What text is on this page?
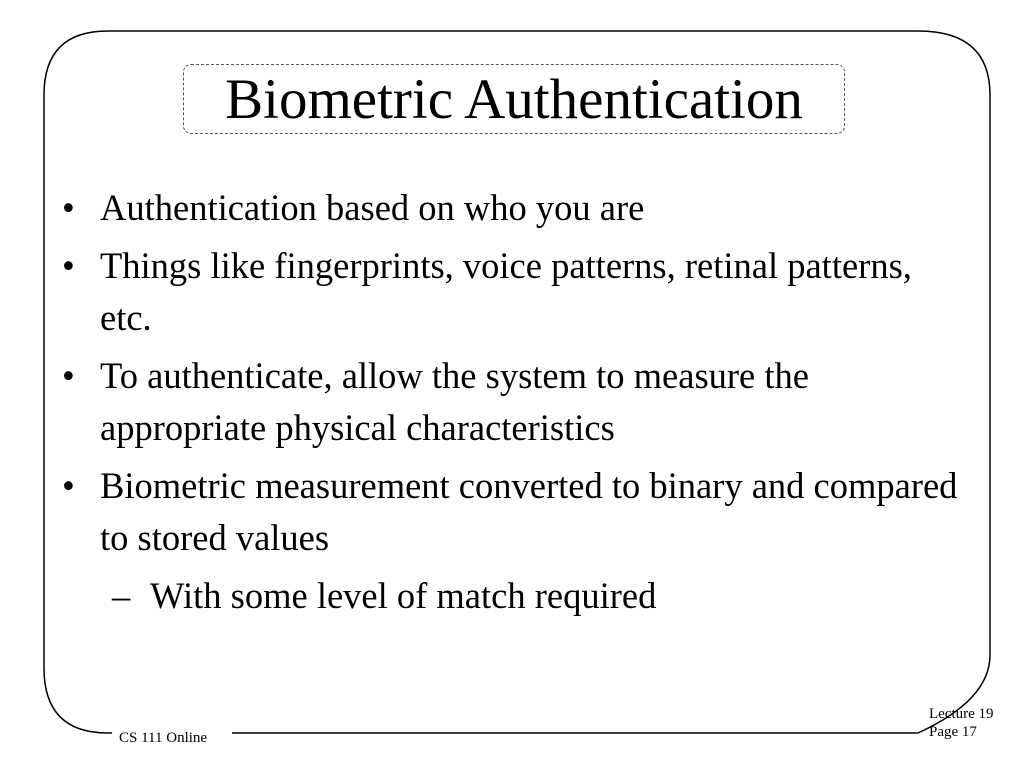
Biometric Authentication
• Authentication based on who you are
• Things like fingerprints, voice patterns, retinal patterns, etc.
• To authenticate, allow the system to measure the appropriate physical characteristics
• Biometric measurement converted to binary and compared to stored values
– With some level of match required
CS 111 Online
Lecture 19
Page 17
